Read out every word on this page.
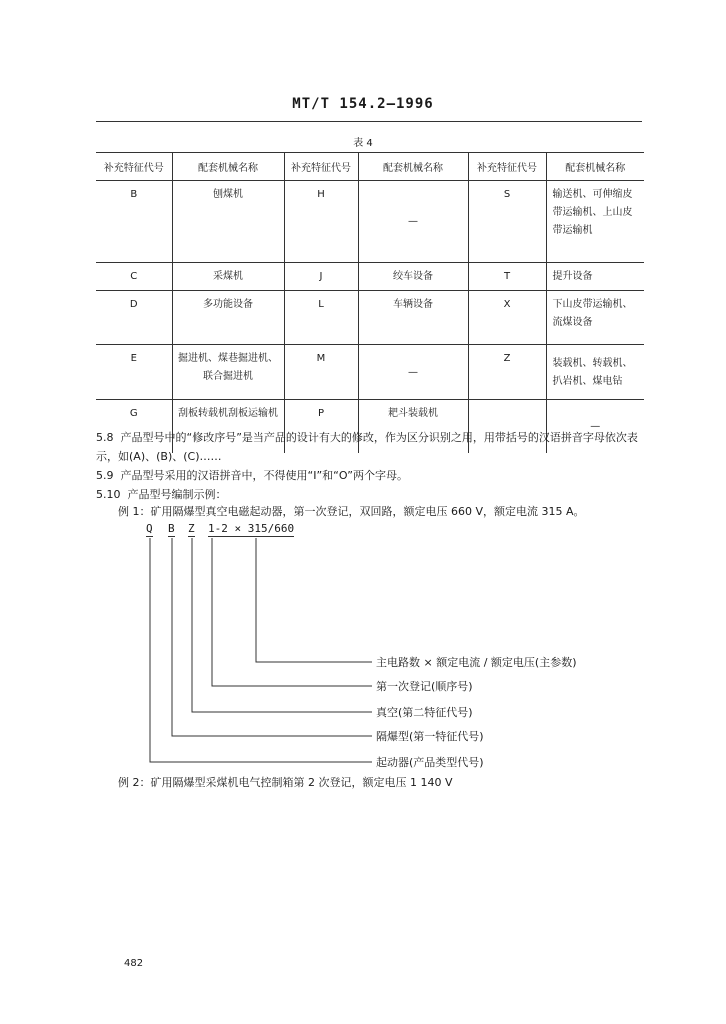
MT/T 154.2—1996
表 4
补充特征代号	配套机械名称	补充特征代号	配套机械名称	补充特征代号	配套机械名称
B	刨煤机	H	—	S	输送机、可伸缩皮带运输机、上山皮带运输机
C	采煤机	J	绞车设备	T	提升设备
D	多功能设备	L	车辆设备	X	下山皮带运输机、流煤设备
E	掘进机、煤巷掘进机、联合掘进机	M	—	Z	装载机、转载机、扒岩机、煤电钻
G	刮板转载机刮板运输机	P	耙斗装载机		—
5.8 产品型号中的“修改序号”是当产品的设计有大的修改，作为区分识别之用，用带括号的汉语拼音字母依次表示，如(A)、(B)、(C)……
5.9 产品型号采用的汉语拼音中，不得使用“I”和“O”两个字母。
5.10 产品型号编制示例：
例 1：矿用隔爆型真空电磁起动器，第一次登记，双回路，额定电压 660 V，额定电流 315 A。
Q B Z 1-2 × 315/660
主电路数 × 额定电流 / 额定电压(主参数)
第一次登记(顺序号)
真空(第二特征代号)
隔爆型(第一特征代号)
起动器(产品类型代号)
例 2：矿用隔爆型采煤机电气控制箱第 2 次登记，额定电压 1 140 V
482
